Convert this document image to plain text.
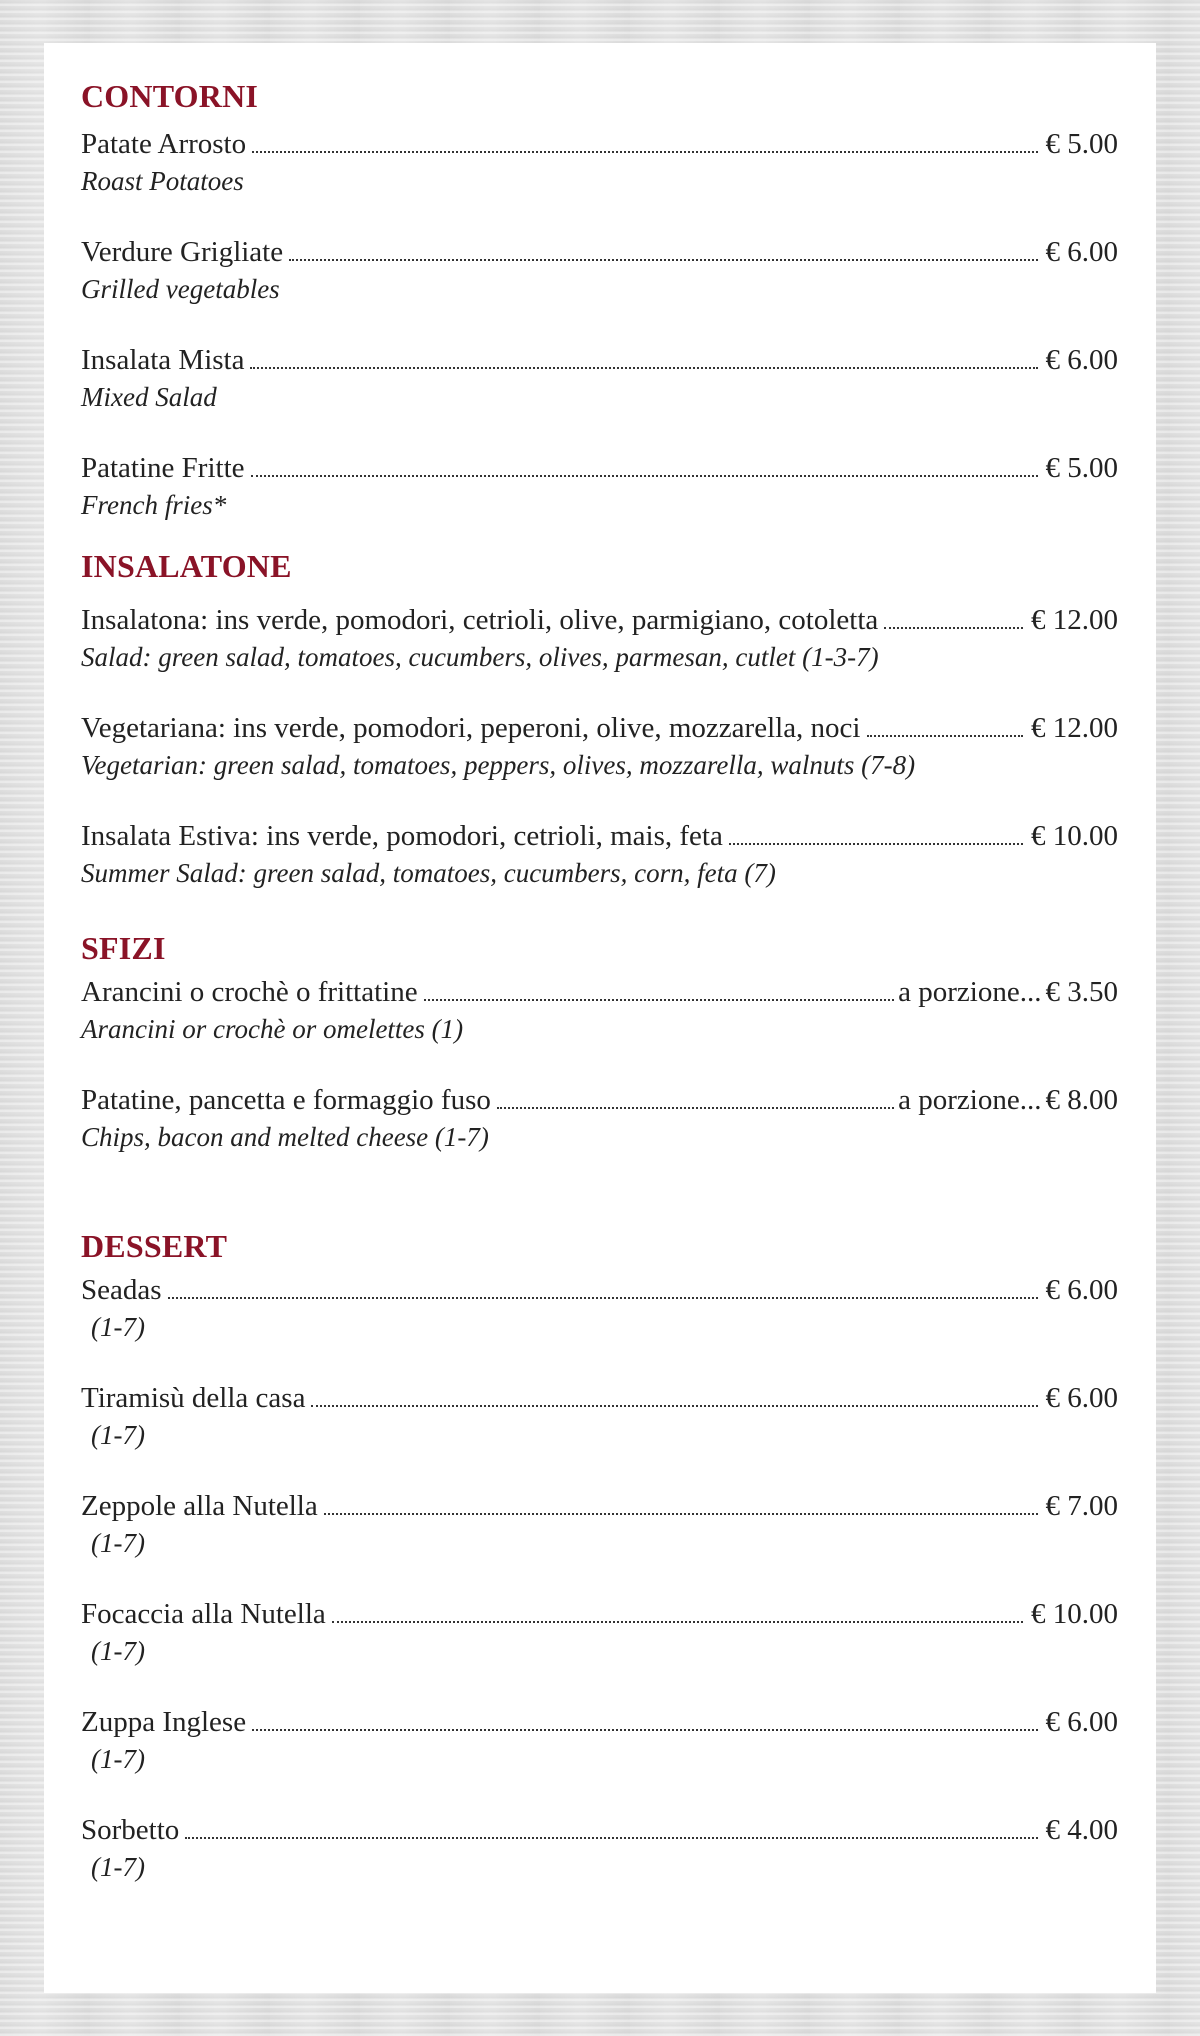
CONTORNI
Patate Arrosto	€ 5.00
Roast Potatoes
Verdure Grigliate	€ 6.00
Grilled vegetables
Insalata Mista	€ 6.00
Mixed Salad
Patatine Fritte	€ 5.00
French fries*
INSALATONE
Insalatona: ins verde, pomodori, cetrioli, olive, parmigiano, cotoletta	€ 12.00
Salad: green salad, tomatoes, cucumbers, olives, parmesan, cutlet (1-3-7)
Vegetariana: ins verde, pomodori, peperoni, olive, mozzarella, noci	€ 12.00
Vegetarian: green salad, tomatoes, peppers, olives, mozzarella, walnuts (7-8)
Insalata Estiva: ins verde, pomodori, cetrioli, mais, feta	€ 10.00
Summer Salad: green salad, tomatoes, cucumbers, corn, feta (7)
SFIZI
Arancini o crochè o frittatine	a porzione... € 3.50
Arancini or crochè or omelettes (1)
Patatine, pancetta e formaggio fuso	a porzione... € 8.00
Chips, bacon and melted cheese (1-7)
DESSERT
Seadas	€ 6.00
(1-7)
Tiramisù della casa	€ 6.00
(1-7)
Zeppole alla Nutella	€ 7.00
(1-7)
Focaccia alla Nutella	€ 10.00
(1-7)
Zuppa Inglese	€ 6.00
(1-7)
Sorbetto	€ 4.00
(1-7)
